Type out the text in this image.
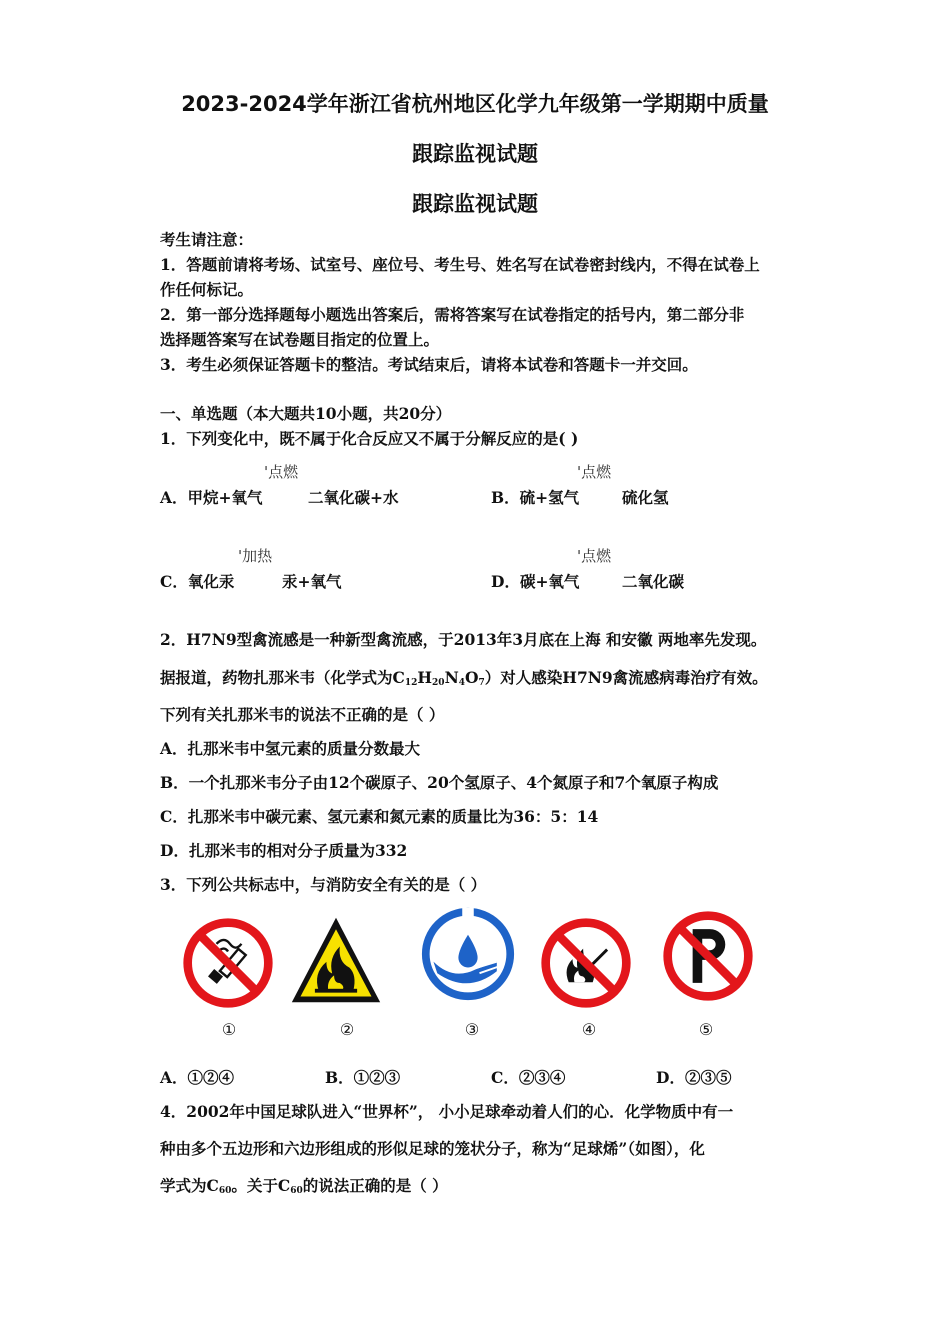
2023-2024学年浙江省杭州地区化学九年级第一学期期中质量
跟踪监视试题
跟踪监视试题
考生请注意：
1．答题前请将考场、试室号、座位号、考生号、姓名写在试卷密封线内，不得在试卷上
作任何标记。
2．第一部分选择题每小题选出答案后，需将答案写在试卷指定的括号内，第二部分非
选择题答案写在试卷题目指定的位置上。
3．考生必须保证答题卡的整洁。考试结束后，请将本试卷和答题卡一并交回。
一、单选题（本大题共10小题，共20分）
1．下列变化中，既不属于化合反应又不属于分解反应的是( )
'点燃
A．甲烷+氧气	二氧化碳+水
'点燃
B．硫+氢气	硫化氢
'加热
C．氧化汞	汞+氧气
'点燃
D．碳+氧气	二氧化碳
2．H7N9型禽流感是一种新型禽流感，于2013年3月底在上海 和安徽 两地率先发现。
据报道，药物扎那米韦（化学式为$C_{12}H_{20}N_4O_7$）对人感染H7N9禽流感病毒治疗有效。
下列有关扎那米韦的说法不正确的是（ ）
A．扎那米韦中氢元素的质量分数最大
B．一个扎那米韦分子由12个碳原子、20个氢原子、4个氮原子和7个氧原子构成
C．扎那米韦中碳元素、氢元素和氮元素的质量比为36：5：14
D．扎那米韦的相对分子质量为332
3．下列公共标志中，与消防安全有关的是（ ）
①	②	③	④	⑤
A．①②④	B．①②③	C．②③④	D．②③⑤
4．2002年中国足球队进入“世界杯”， 小小足球牵动着人们的心．化学物质中有一
种由多个五边形和六边形组成的形似足球的笼状分子，称为“足球烯”（如图），化
学式为$C_{60}$。关于$C_{60}$的说法正确的是（ ）
